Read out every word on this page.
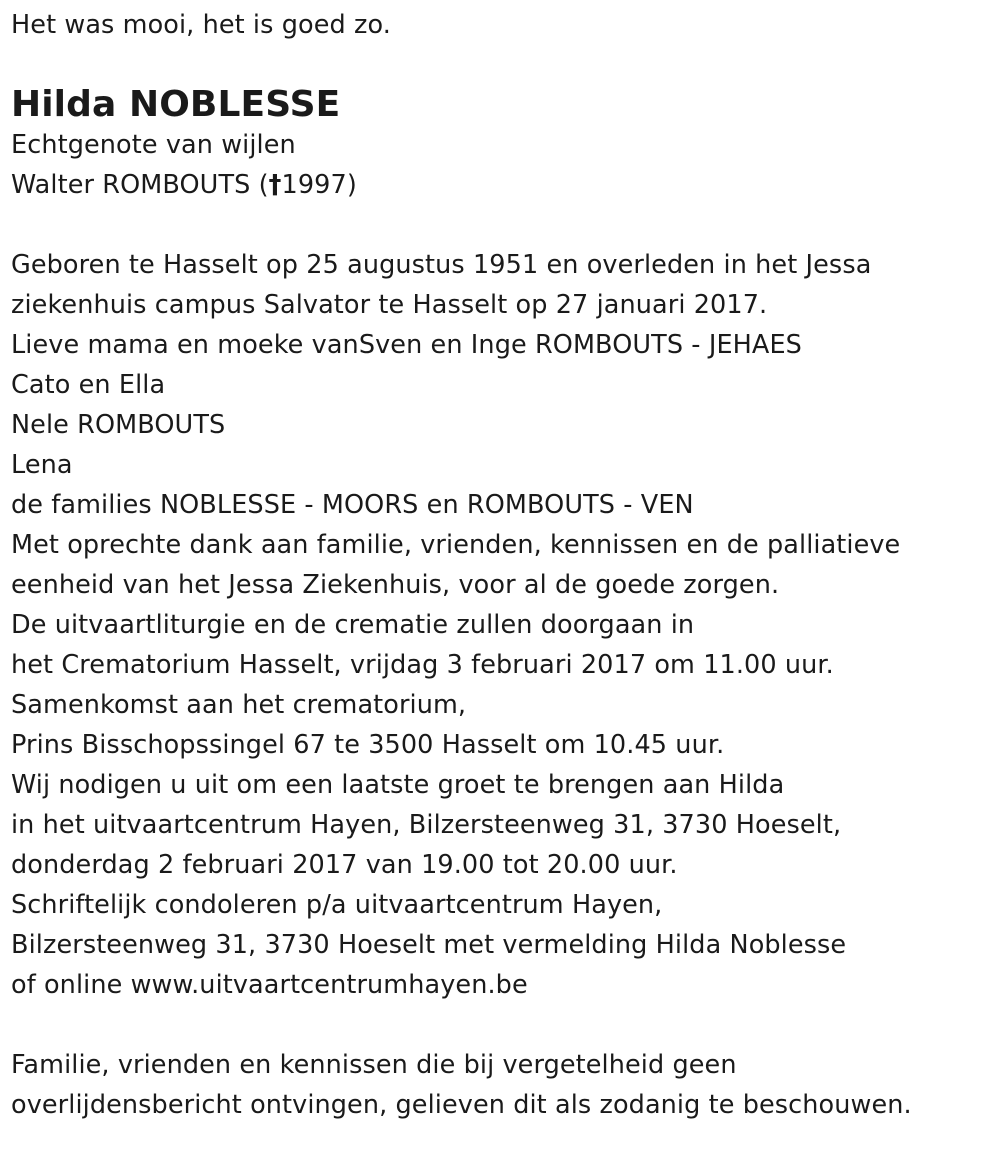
Het was mooi, het is goed zo.
Hilda NOBLESSE
Echtgenote van wijlen
Walter ROMBOUTS (†1997)
Geboren te Hasselt op 25 augustus 1951 en overleden in het Jessa
ziekenhuis campus Salvator te Hasselt op 27 januari 2017.
Lieve mama en moeke vanSven en Inge ROMBOUTS - JEHAES
Cato en Ella
Nele ROMBOUTS
Lena
de families NOBLESSE - MOORS en ROMBOUTS - VEN
Met oprechte dank aan familie, vrienden, kennissen en de palliatieve
eenheid van het Jessa Ziekenhuis, voor al de goede zorgen.
De uitvaartliturgie en de crematie zullen doorgaan in
het Crematorium Hasselt, vrijdag 3 februari 2017 om 11.00 uur.
Samenkomst aan het crematorium,
Prins Bisschopssingel 67 te 3500 Hasselt om 10.45 uur.
Wij nodigen u uit om een laatste groet te brengen aan Hilda
in het uitvaartcentrum Hayen, Bilzersteenweg 31, 3730 Hoeselt,
donderdag 2 februari 2017 van 19.00 tot 20.00 uur.
Schriftelijk condoleren p/a uitvaartcentrum Hayen,
Bilzersteenweg 31, 3730 Hoeselt met vermelding Hilda Noblesse
of online www.uitvaartcentrumhayen.be
Familie, vrienden en kennissen die bij vergetelheid geen
overlijdensbericht ontvingen, gelieven dit als zodanig te beschouwen.
